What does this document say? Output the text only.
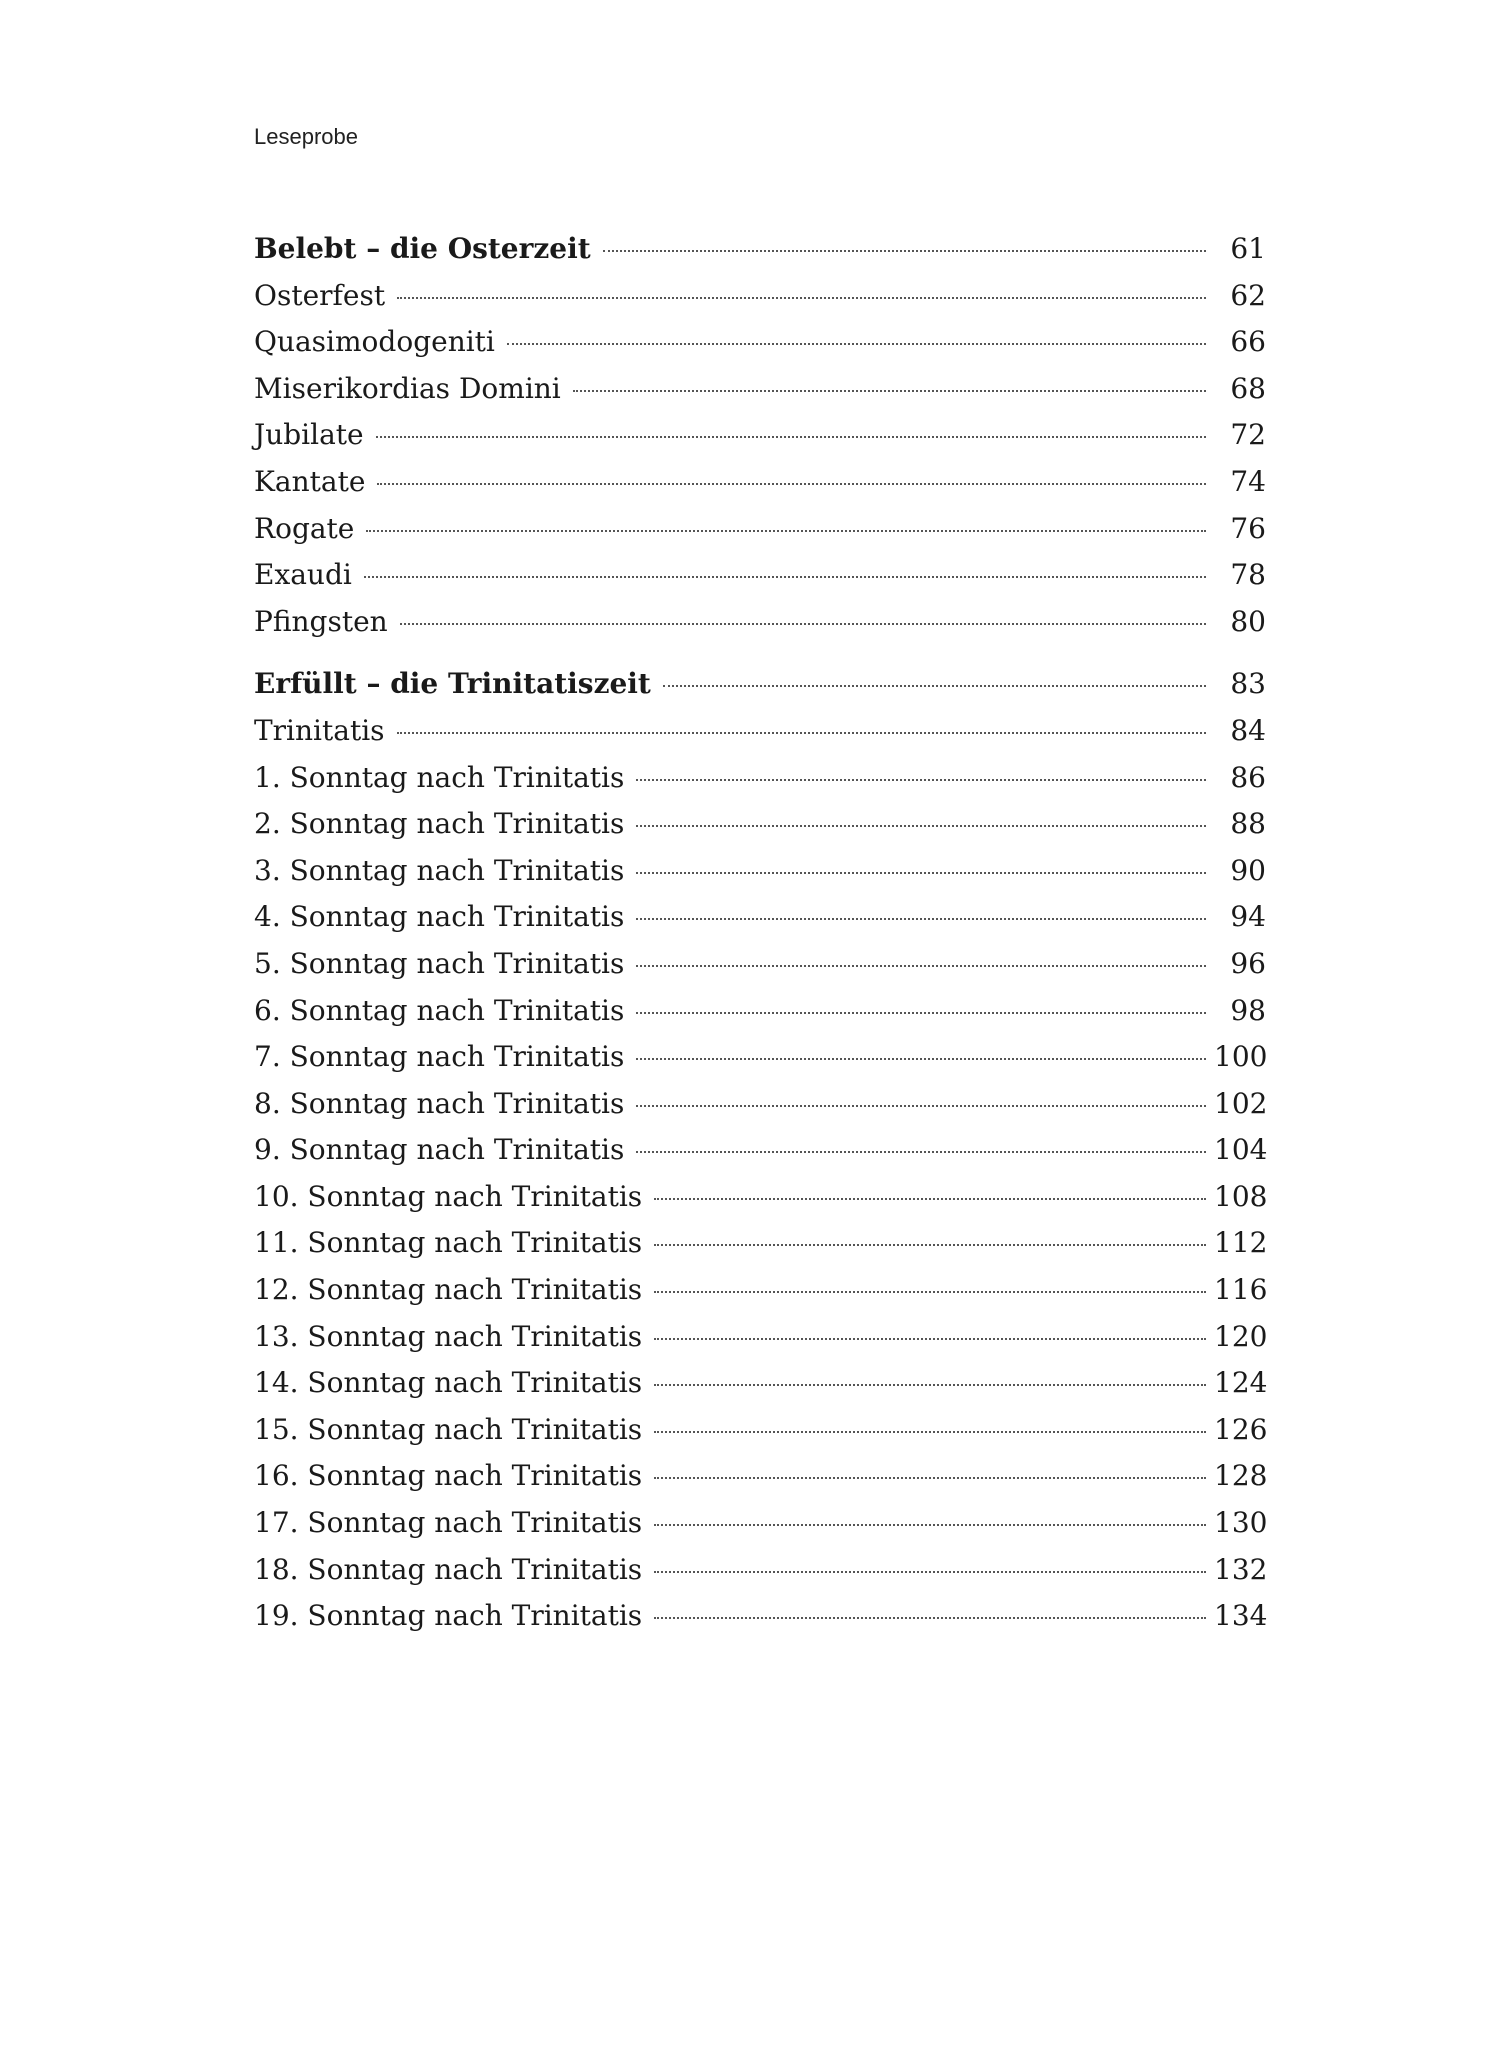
Leseprobe
Belebt – die Osterzeit	61
Osterfest	62
Quasimodogeniti	66
Miserikordias Domini	68
Jubilate	72
Kantate	74
Rogate	76
Exaudi	78
Pfingsten	80
Erfüllt – die Trinitatiszeit	83
Trinitatis	84
1. Sonntag nach Trinitatis	86
2. Sonntag nach Trinitatis	88
3. Sonntag nach Trinitatis	90
4. Sonntag nach Trinitatis	94
5. Sonntag nach Trinitatis	96
6. Sonntag nach Trinitatis	98
7. Sonntag nach Trinitatis	100
8. Sonntag nach Trinitatis	102
9. Sonntag nach Trinitatis	104
10. Sonntag nach Trinitatis	108
11. Sonntag nach Trinitatis	112
12. Sonntag nach Trinitatis	116
13. Sonntag nach Trinitatis	120
14. Sonntag nach Trinitatis	124
15. Sonntag nach Trinitatis	126
16. Sonntag nach Trinitatis	128
17. Sonntag nach Trinitatis	130
18. Sonntag nach Trinitatis	132
19. Sonntag nach Trinitatis	134
